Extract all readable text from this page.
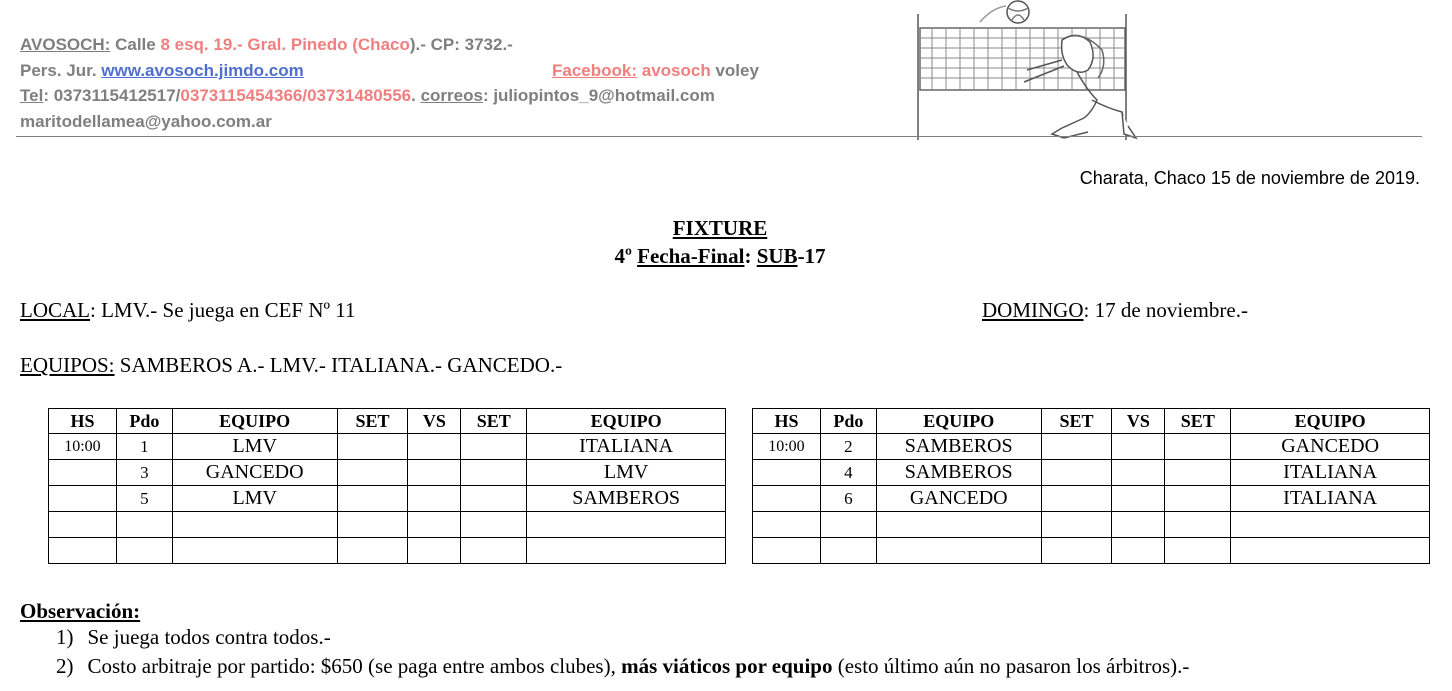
AVOSOCH: Calle 8 esq. 19.- Gral. Pinedo (Chaco).- CP: 3732.-
Pers. Jur. www.avosoch.jimdo.com	Facebook: avosoch voley
Tel: 0373115412517/0373115454366/03731480556. correos: juliopintos_9@hotmail.com
maritodellamea@yahoo.com.ar
Charata, Chaco 15 de noviembre de 2019.
FIXTURE
4º Fecha-Final: SUB-17
LOCAL: LMV.- Se juega en CEF Nº 11	DOMINGO: 17 de noviembre.-
EQUIPOS: SAMBEROS A.- LMV.- ITALIANA.- GANCEDO.-
HS	Pdo	EQUIPO	SET	VS	SET	EQUIPO
10:00	1	LMV				ITALIANA
	3	GANCEDO				LMV
	5	LMV				SAMBEROS

HS	Pdo	EQUIPO	SET	VS	SET	EQUIPO
10:00	2	SAMBEROS				GANCEDO
	4	SAMBEROS				ITALIANA
	6	GANCEDO				ITALIANA

Observación:
1) Se juega todos contra todos.-
2) Costo arbitraje por partido: $650 (se paga entre ambos clubes), más viáticos por equipo (esto último aún no pasaron los árbitros).-
